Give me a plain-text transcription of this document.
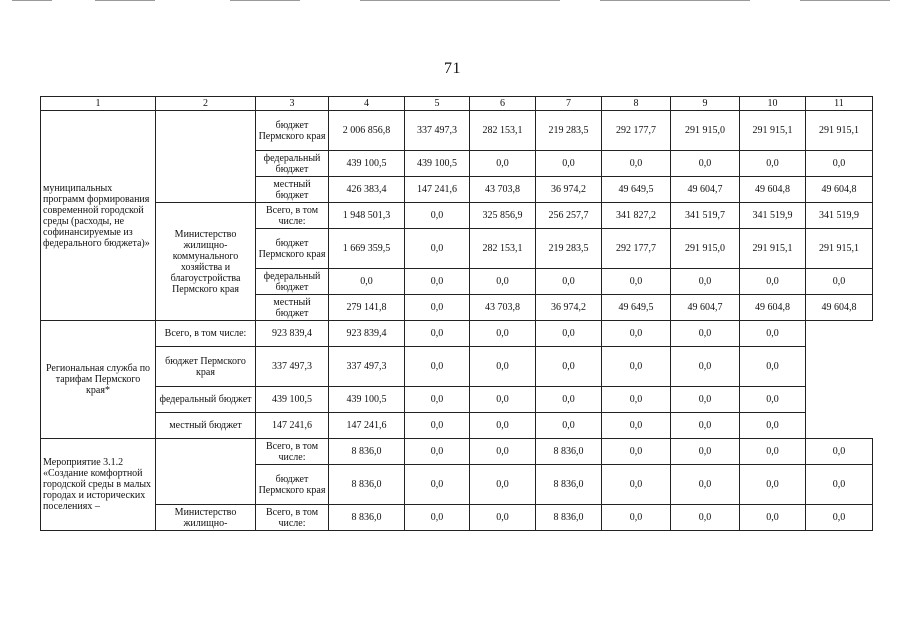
71
1	2	3	4	5	6	7	8	9	10	11
муниципальных программ формирования современной городской среды (расходы, не софинансируемые из федерального бюджета)»		бюджет Пермского края	2 006 856,8	337 497,3	282 153,1	219 283,5	292 177,7	291 915,0	291 915,1	291 915,1
		федеральный бюджет	439 100,5	439 100,5	0,0	0,0	0,0	0,0	0,0	0,0
		местный бюджет	426 383,4	147 241,6	43 703,8	36 974,2	49 649,5	49 604,7	49 604,8	49 604,8
	Министерство жилищно-коммунального хозяйства и благоустройства Пермского края	Всего, в том числе:	1 948 501,3	0,0	325 856,9	256 257,7	341 827,2	341 519,7	341 519,9	341 519,9
		бюджет Пермского края	1 669 359,5	0,0	282 153,1	219 283,5	292 177,7	291 915,0	291 915,1	291 915,1
		федеральный бюджет	0,0	0,0	0,0	0,0	0,0	0,0	0,0	0,0
		местный бюджет	279 141,8	0,0	43 703,8	36 974,2	49 649,5	49 604,7	49 604,8	49 604,8
Региональная служба по тарифам Пермского края*	Всего, в том числе:	923 839,4	923 839,4	0,0	0,0	0,0	0,0	0,0	0,0	
	бюджет Пермского края	337 497,3	337 497,3	0,0	0,0	0,0	0,0	0,0	0,0	
	федеральный бюджет	439 100,5	439 100,5	0,0	0,0	0,0	0,0	0,0	0,0	
	местный бюджет	147 241,6	147 241,6	0,0	0,0	0,0	0,0	0,0	0,0	
Мероприятие 3.1.2 «Создание комфортной городской среды в малых городах и исторических поселениях –		Всего, в том числе:	8 836,0	0,0	0,0	8 836,0	0,0	0,0	0,0	0,0
		бюджет Пермского края	8 836,0	0,0	0,0	8 836,0	0,0	0,0	0,0	0,0
	Министерство жилищно-	Всего, в том числе:	8 836,0	0,0	0,0	8 836,0	0,0	0,0	0,0	0,0
